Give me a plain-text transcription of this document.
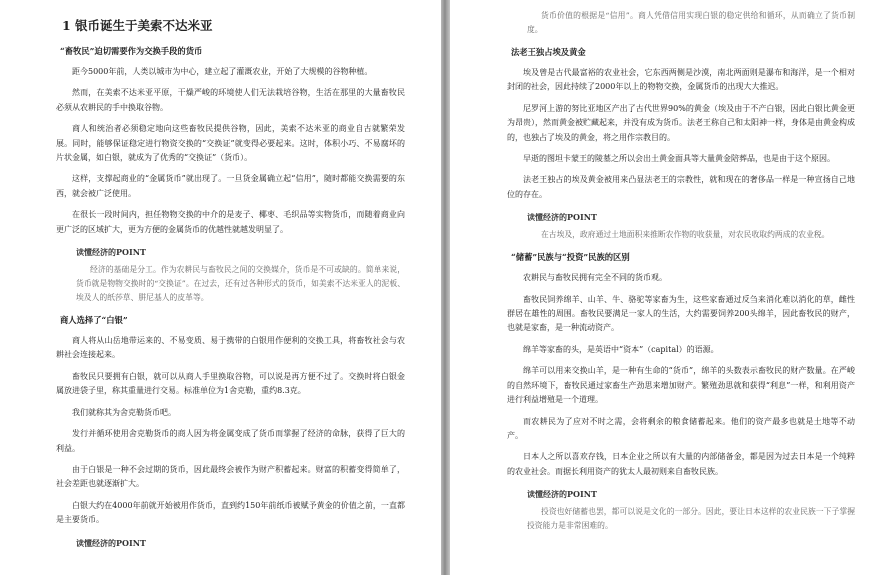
1 银币诞生于美索不达米亚
“畜牧民”迫切需要作为交换手段的货币

距今5000年前，人类以城市为中心，建立起了灌溉农业，开始了大规模的谷物种植。

然而，在美索不达米亚平原，干燥严峻的环境使人们无法栽培谷物，生活在那里的大量畜牧民必须从农耕民的手中换取谷物。

商人和统治者必须稳定地向这些畜牧民提供谷物，因此，美索不达米亚的商业自古就繁荣发展。同时，能够保证稳定进行物资交换的“交换证”就变得必要起来。这时，体积小巧、不易腐坏的片状金属，如白银，就成为了优秀的“交换证”（货币）。

这样，支撑起商业的“金属货币”就出现了。一旦货金属确立起“信用”，随时都能交换需要的东西，就会被广泛使用。

在很长一段时间内，担任物物交换的中介的是麦子、椰枣、毛织品等实物货币，而随着商业向更广泛的区域扩大，更为方便的金属货币的优越性就越发明显了。

读懂经济的POINT

经济的基础是分工。作为农耕民与畜牧民之间的交换媒介，货币是不可或缺的。简单来说，货币就是物物交换时的“交换证”。在过去，还有过各种形式的货币，如美索不达米亚人的泥板、埃及人的纸莎草、胼尼基人的皮革等。

商人选择了“白银”

商人将从山岳地带运来的、不易变质、易于携带的白银用作便利的交换工具，将畜牧社会与农耕社会连接起来。

畜牧民只要拥有白银，就可以从商人手里换取谷物，可以说是再方便不过了。交换时将白银金属放进袋子里，称其重量进行交易。标准单位为1舍克勒，重约8.3克。

我们就称其为舍克勒货币吧。

发行并循环使用舍克勒货币的商人因为将金属变成了货币而掌握了经济的命脉，获得了巨大的利益。

由于白银是一种不会过期的货币，因此最终会被作为财产积蓄起来。财富的积蓄变得简单了，社会差距也就逐渐扩大。

白银大约在4000年前就开始被用作货币，直到约150年前纸币被赋予黄金的价值之前，一直都是主要货币。

读懂经济的POINT

货币价值的根据是“信用”。商人凭借信用实现白银的稳定供给和循环，从而确立了货币制度。

法老王独占埃及黄金

埃及曾是古代最富裕的农业社会，它东西两侧是沙漠，南北两面则是瀑布和海洋，是一个相对封闭的社会，因此持续了2000年以上的物物交换，金属货币的出现大大推迟。

尼罗河上游的努比亚地区产出了古代世界90%的黄金（埃及由于不产白银，因此白银比黄金更为昂贵），然而黄金被贮藏起来，并没有成为货币。法老王称自己和太阳神一样，身体是由黄金构成的，也独占了埃及的黄金，将之用作宗教目的。

早逝的图坦卡蒙王的陵墓之所以会出土黄金面具等大量黄金陪葬品，也是由于这个原因。

法老王独占的埃及黄金被用来凸显法老王的宗教性，就和现在的奢侈品一样是一种宣扬自己地位的存在。

读懂经济的POINT

在古埃及，政府通过土地面积来推断农作物的收获量，对农民收取约两成的农业税。

“储蓄”民族与“投资”民族的区别

农耕民与畜牧民拥有完全不同的货币观。

畜牧民饲养绵羊、山羊、牛、骆驼等家畜为生，这些家畜通过反刍来消化难以消化的草，雌性群居在雄性的周围。畜牧民要满足一家人的生活，大约需要饲养200头绵羊，因此畜牧民的财产，也就是家畜，是一种流动资产。

绵羊等家畜的头，是英语中“资本”（capital）的语源。

绵羊可以用来交换山羊，是一种有生命的“货币”，绵羊的头数表示畜牧民的财产数量。在严峻的自然环境下，畜牧民通过家畜生产劲思来增加财产。繁殖劲思就和获得“利息”一样，和利用资产进行利益增殖是一个道理。

而农耕民为了应对不时之需，会将剩余的粮食储蓄起来。他们的资产最多也就是土地等不动产。

日本人之所以喜欢存钱，日本企业之所以有大量的内部储备金，都是因为过去日本是一个纯粹的农业社会。而据长利用资产的犹太人最初则来自畜牧民族。

读懂经济的POINT

投资也好储蓄也罢，都可以说是文化的一部分。因此，要让日本这样的农业民族一下子掌握投资能力是非常困难的。
